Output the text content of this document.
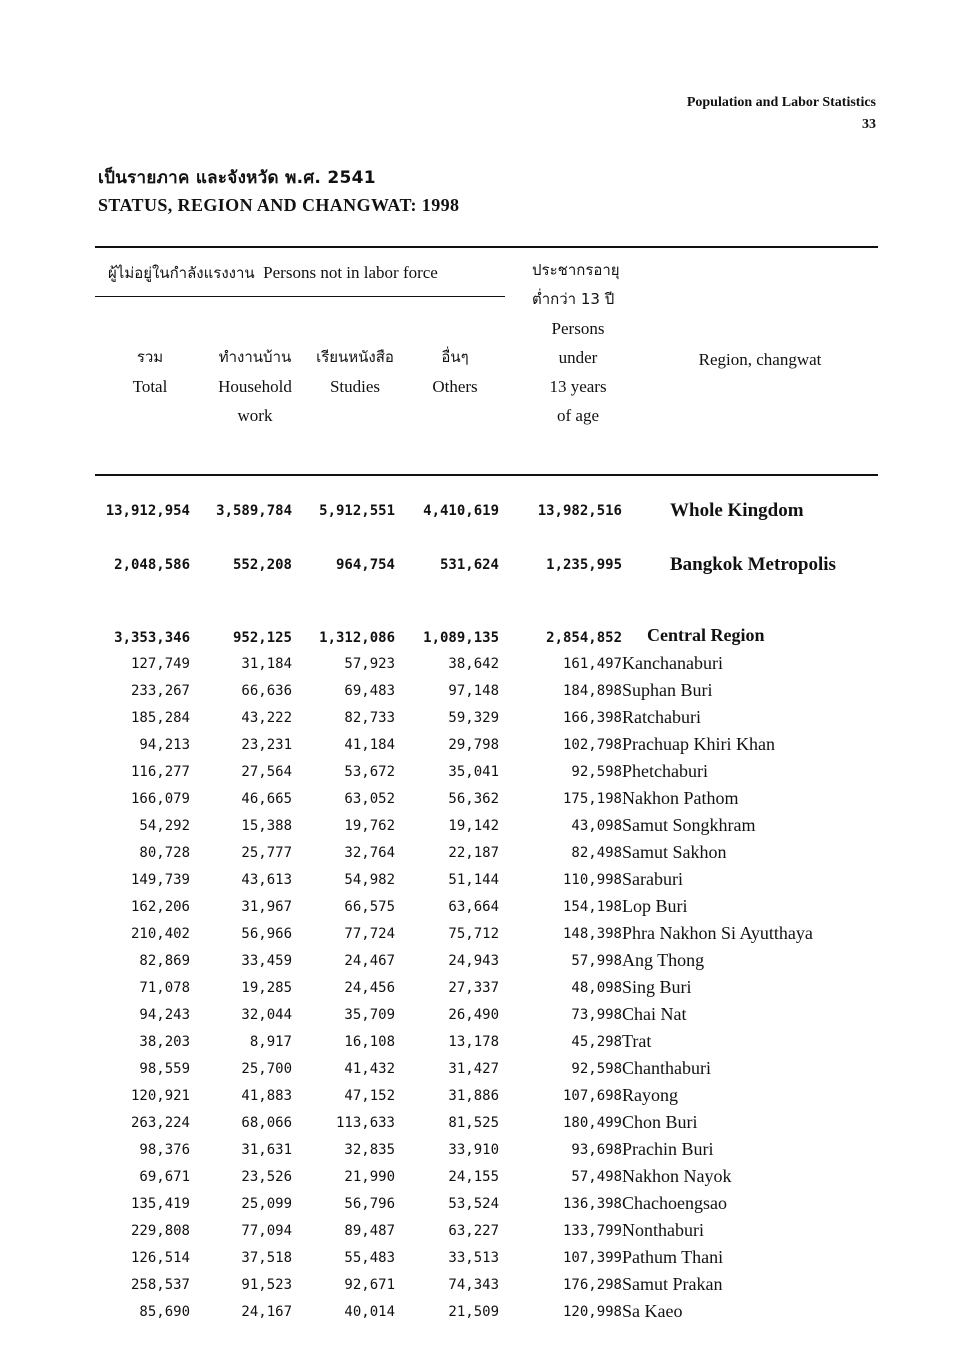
Population and Labor Statistics
33
เป็นรายภาค และจังหวัด พ.ศ. 2541
STATUS, REGION AND CHANGWAT: 1998
ผู้ไม่อยู่ในกำลังแรงงาน Persons not in labor force
รวม
Total
ทำงานบ้าน
Household
work
เรียนหนังสือ
Studies
อื่นๆ
Others
ประชากรอายุ
ต่ำกว่า 13 ปี
Persons
under
13 years
of age
Region, changwat
13,912,954	3,589,784	5,912,551	4,410,619	13,982,516	Whole Kingdom
2,048,586	552,208	964,754	531,624	1,235,995	Bangkok Metropolis
3,353,346	952,125	1,312,086	1,089,135	2,854,852	Central Region
127,749	31,184	57,923	38,642	161,497	Kanchanaburi
233,267	66,636	69,483	97,148	184,898	Suphan Buri
185,284	43,222	82,733	59,329	166,398	Ratchaburi
94,213	23,231	41,184	29,798	102,798	Prachuap Khiri Khan
116,277	27,564	53,672	35,041	92,598	Phetchaburi
166,079	46,665	63,052	56,362	175,198	Nakhon Pathom
54,292	15,388	19,762	19,142	43,098	Samut Songkhram
80,728	25,777	32,764	22,187	82,498	Samut Sakhon
149,739	43,613	54,982	51,144	110,998	Saraburi
162,206	31,967	66,575	63,664	154,198	Lop Buri
210,402	56,966	77,724	75,712	148,398	Phra Nakhon Si Ayutthaya
82,869	33,459	24,467	24,943	57,998	Ang Thong
71,078	19,285	24,456	27,337	48,098	Sing Buri
94,243	32,044	35,709	26,490	73,998	Chai Nat
38,203	8,917	16,108	13,178	45,298	Trat
98,559	25,700	41,432	31,427	92,598	Chanthaburi
120,921	41,883	47,152	31,886	107,698	Rayong
263,224	68,066	113,633	81,525	180,499	Chon Buri
98,376	31,631	32,835	33,910	93,698	Prachin Buri
69,671	23,526	21,990	24,155	57,498	Nakhon Nayok
135,419	25,099	56,796	53,524	136,398	Chachoengsao
229,808	77,094	89,487	63,227	133,799	Nonthaburi
126,514	37,518	55,483	33,513	107,399	Pathum Thani
258,537	91,523	92,671	74,343	176,298	Samut Prakan
85,690	24,167	40,014	21,509	120,998	Sa Kaeo
